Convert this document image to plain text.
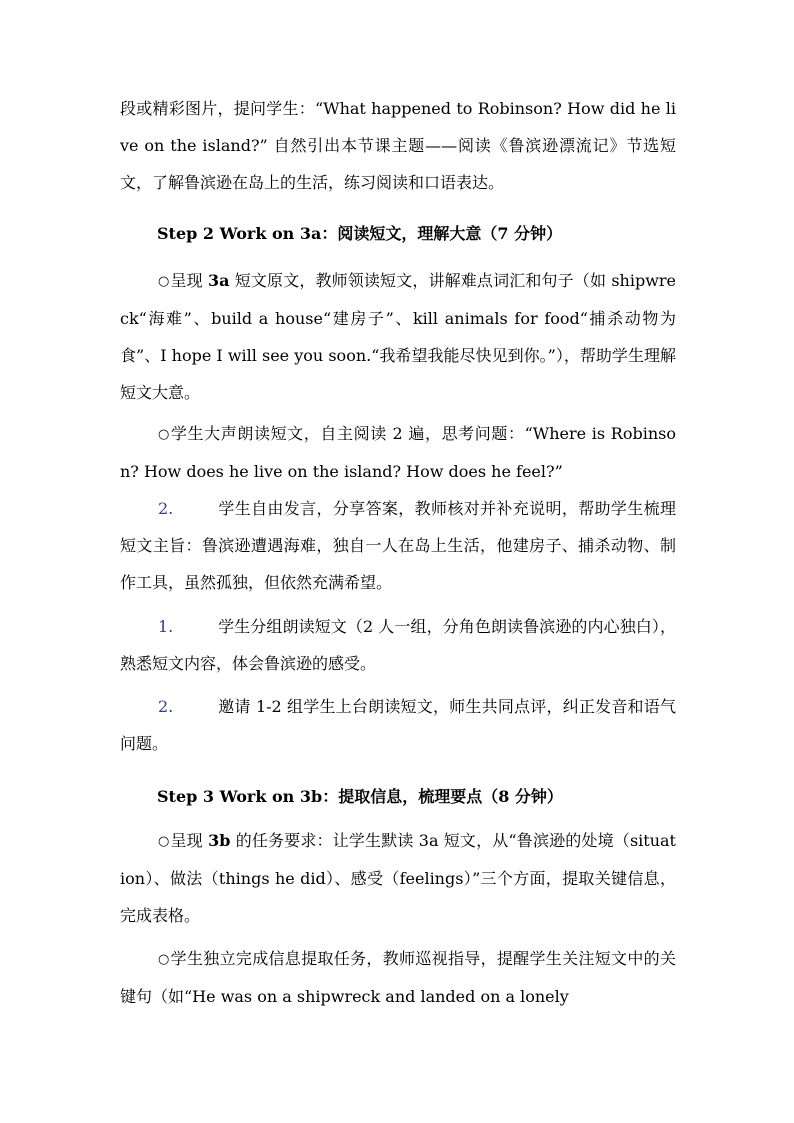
段或精彩图片，提问学生：“What happened to Robinson? How did he live on the island?” 自然引出本节课主题——阅读《鲁滨逊漂流记》节选短文，了解鲁滨逊在岛上的生活，练习阅读和口语表达。

Step 2 Work on 3a：阅读短文，理解大意（7 分钟）

○呈现 3a 短文原文，教师领读短文，讲解难点词汇和句子（如 shipwreck“海难”、build a house“建房子”、kill animals for food“捕杀动物为食”、I hope I will see you soon.“我希望我能尽快见到你。”），帮助学生理解短文大意。

○学生大声朗读短文，自主阅读 2 遍，思考问题：“Where is Robinson? How does he live on the island? How does he feel?”

2.	学生自由发言，分享答案，教师核对并补充说明，帮助学生梳理短文主旨：鲁滨逊遭遇海难，独自一人在岛上生活，他建房子、捕杀动物、制作工具，虽然孤独，但依然充满希望。

1.	学生分组朗读短文（2 人一组，分角色朗读鲁滨逊的内心独白），熟悉短文内容，体会鲁滨逊的感受。

2.	邀请 1-2 组学生上台朗读短文，师生共同点评，纠正发音和语气问题。

Step 3 Work on 3b：提取信息，梳理要点（8 分钟）

○呈现 3b 的任务要求：让学生默读 3a 短文，从“鲁滨逊的处境（situation）、做法（things he did）、感受（feelings）”三个方面，提取关键信息，完成表格。

○学生独立完成信息提取任务，教师巡视指导，提醒学生关注短文中的关键句（如“He was on a shipwreck and landed on a lonely
